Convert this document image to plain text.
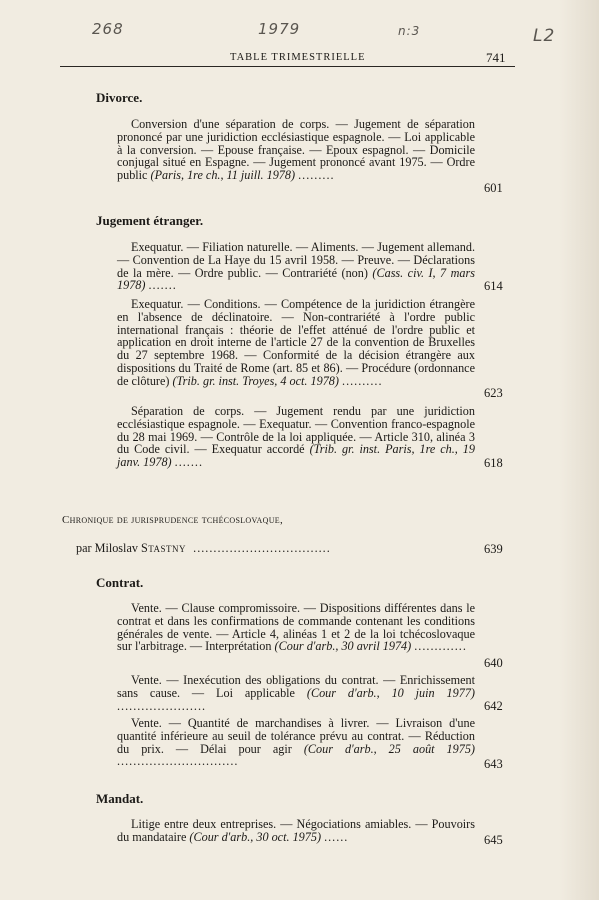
268	1979	n:3	L2
TABLE TRIMESTRIELLE	741
Divorce.
Conversion d'une séparation de corps. — Jugement de séparation prononcé par une juridiction ecclésiastique espagnole. — Loi applicable à la conversion. — Epouse française. — Epoux espagnol. — Domicile conjugal situé en Espagne. — Jugement prononcé avant 1975. — Ordre public (Paris, 1re ch., 11 juill. 1978) .........
601
Jugement étranger.
Exequatur. — Filiation naturelle. — Aliments. — Jugement allemand. — Convention de La Haye du 15 avril 1958. — Preuve. — Déclarations de la mère. — Ordre public. — Contrariété (non) (Cass. civ. I, 7 mars 1978) .......	614
Exequatur. — Conditions. — Compétence de la juridiction étrangère en l'absence de déclinatoire. — Non-contrariété à l'ordre public international français : théorie de l'effet atténué de l'ordre public et application en droit interne de l'article 27 de la convention de Bruxelles du 27 septembre 1968. — Conformité de la décision étrangère aux dispositions du Traité de Rome (art. 85 et 86). — Procédure (ordonnance de clôture) (Trib. gr. inst. Troyes, 4 oct. 1978) ..........
623
Séparation de corps. — Jugement rendu par une juridiction ecclésiastique espagnole. — Exequatur. — Convention franco-espagnole du 28 mai 1969. — Contrôle de la loi appliquée. — Article 310, alinéa 3 du Code civil. — Exequatur accordé (Trib. gr. inst. Paris, 1re ch., 19 janv. 1978) .......	618
Chronique de jurisprudence tchécoslovaque,
par Miloslav Stastny  ..................................	639
Contrat.
Vente. — Clause compromissoire. — Dispositions différentes dans le contrat et dans les confirmations de commande contenant les conditions générales de vente. — Article 4, alinéas 1 et 2 de la loi tchécoslovaque sur l'arbitrage. — Interprétation (Cour d'arb., 30 avril 1974) .............
640
Vente. — Inexécution des obligations du contrat. — Enrichissement sans cause. — Loi applicable (Cour d'arb., 10 juin 1977) ......................	642
Vente. — Quantité de marchandises à livrer. — Livraison d'une quantité inférieure au seuil de tolérance prévu au contrat. — Réduction du prix. — Délai pour agir (Cour d'arb., 25 août 1975) ..............................	643
Mandat.
Litige entre deux entreprises. — Négociations amiables. — Pouvoirs du mandataire (Cour d'arb., 30 oct. 1975) ......	645
